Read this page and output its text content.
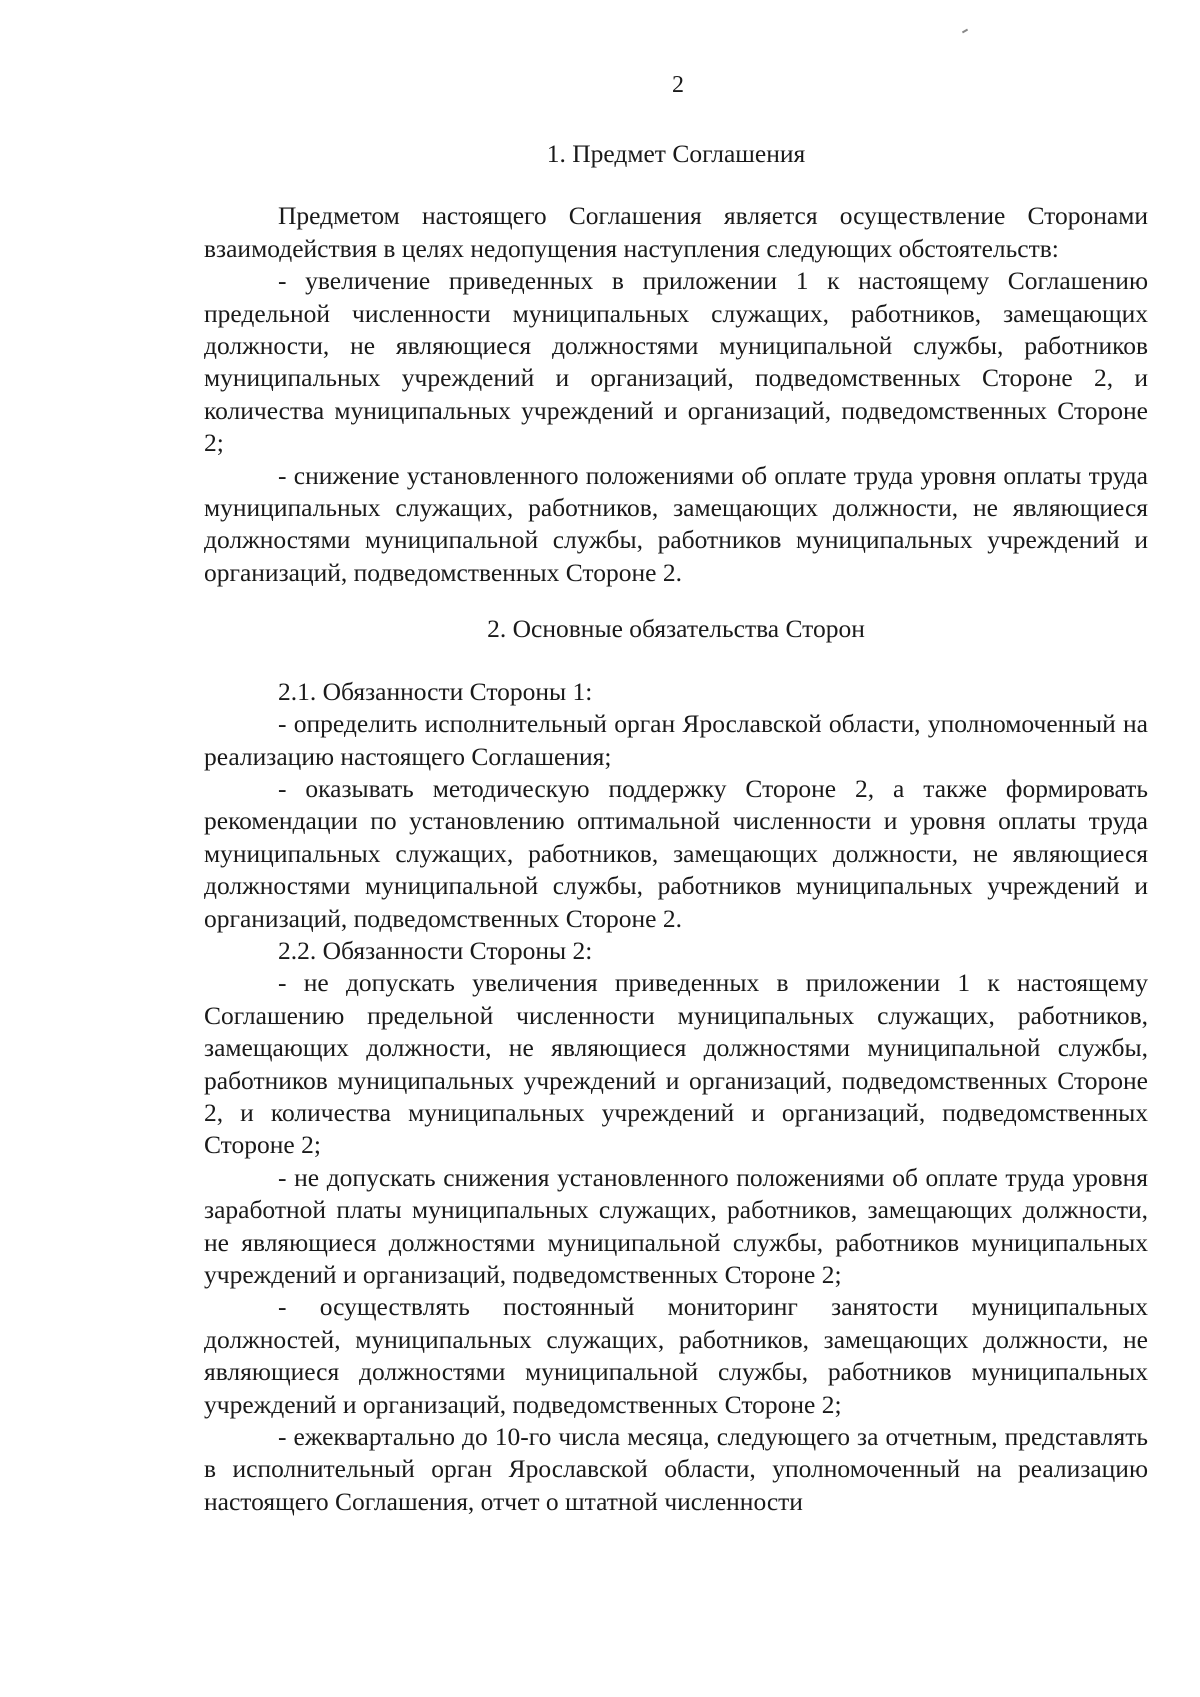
2
1. Предмет Соглашения

Предметом настоящего Соглашения является осуществление Сторонами взаимодействия в целях недопущения наступления следующих обстоятельств:

- увеличение приведенных в приложении 1 к настоящему Соглашению предельной численности муниципальных служащих, работников, замещающих должности, не являющиеся должностями муниципальной службы, работников муниципальных учреждений и организаций, подведомственных Стороне 2, и количества муниципальных учреждений и организаций, подведомственных Стороне 2;

- снижение установленного положениями об оплате труда уровня оплаты труда муниципальных служащих, работников, замещающих должности, не являющиеся должностями муниципальной службы, работников муниципальных учреждений и организаций, подведомственных Стороне 2.

2. Основные обязательства Сторон

2.1. Обязанности Стороны 1:

- определить исполнительный орган Ярославской области, уполномоченный на реализацию настоящего Соглашения;

- оказывать методическую поддержку Стороне 2, а также формировать рекомендации по установлению оптимальной численности и уровня оплаты труда муниципальных служащих, работников, замещающих должности, не являющиеся должностями муниципальной службы, работников муниципальных учреждений и организаций, подведомственных Стороне 2.

2.2. Обязанности Стороны 2:

- не допускать увеличения приведенных в приложении 1 к настоящему Соглашению предельной численности муниципальных служащих, работников, замещающих должности, не являющиеся должностями муниципальной службы, работников муниципальных учреждений и организаций, подведомственных Стороне 2, и количества муниципальных учреждений и организаций, подведомственных Стороне 2;

- не допускать снижения установленного положениями об оплате труда уровня заработной платы муниципальных служащих, работников, замещающих должности, не являющиеся должностями муниципальной службы, работников муниципальных учреждений и организаций, подведомственных Стороне 2;

- осуществлять постоянный мониторинг занятости муниципальных должностей, муниципальных служащих, работников, замещающих должности, не являющиеся должностями муниципальной службы, работников муниципальных учреждений и организаций, подведомственных Стороне 2;

- ежеквартально до 10-го числа месяца, следующего за отчетным, представлять в исполнительный орган Ярославской области, уполномоченный на реализацию настоящего Соглашения, отчет о штатной численности
